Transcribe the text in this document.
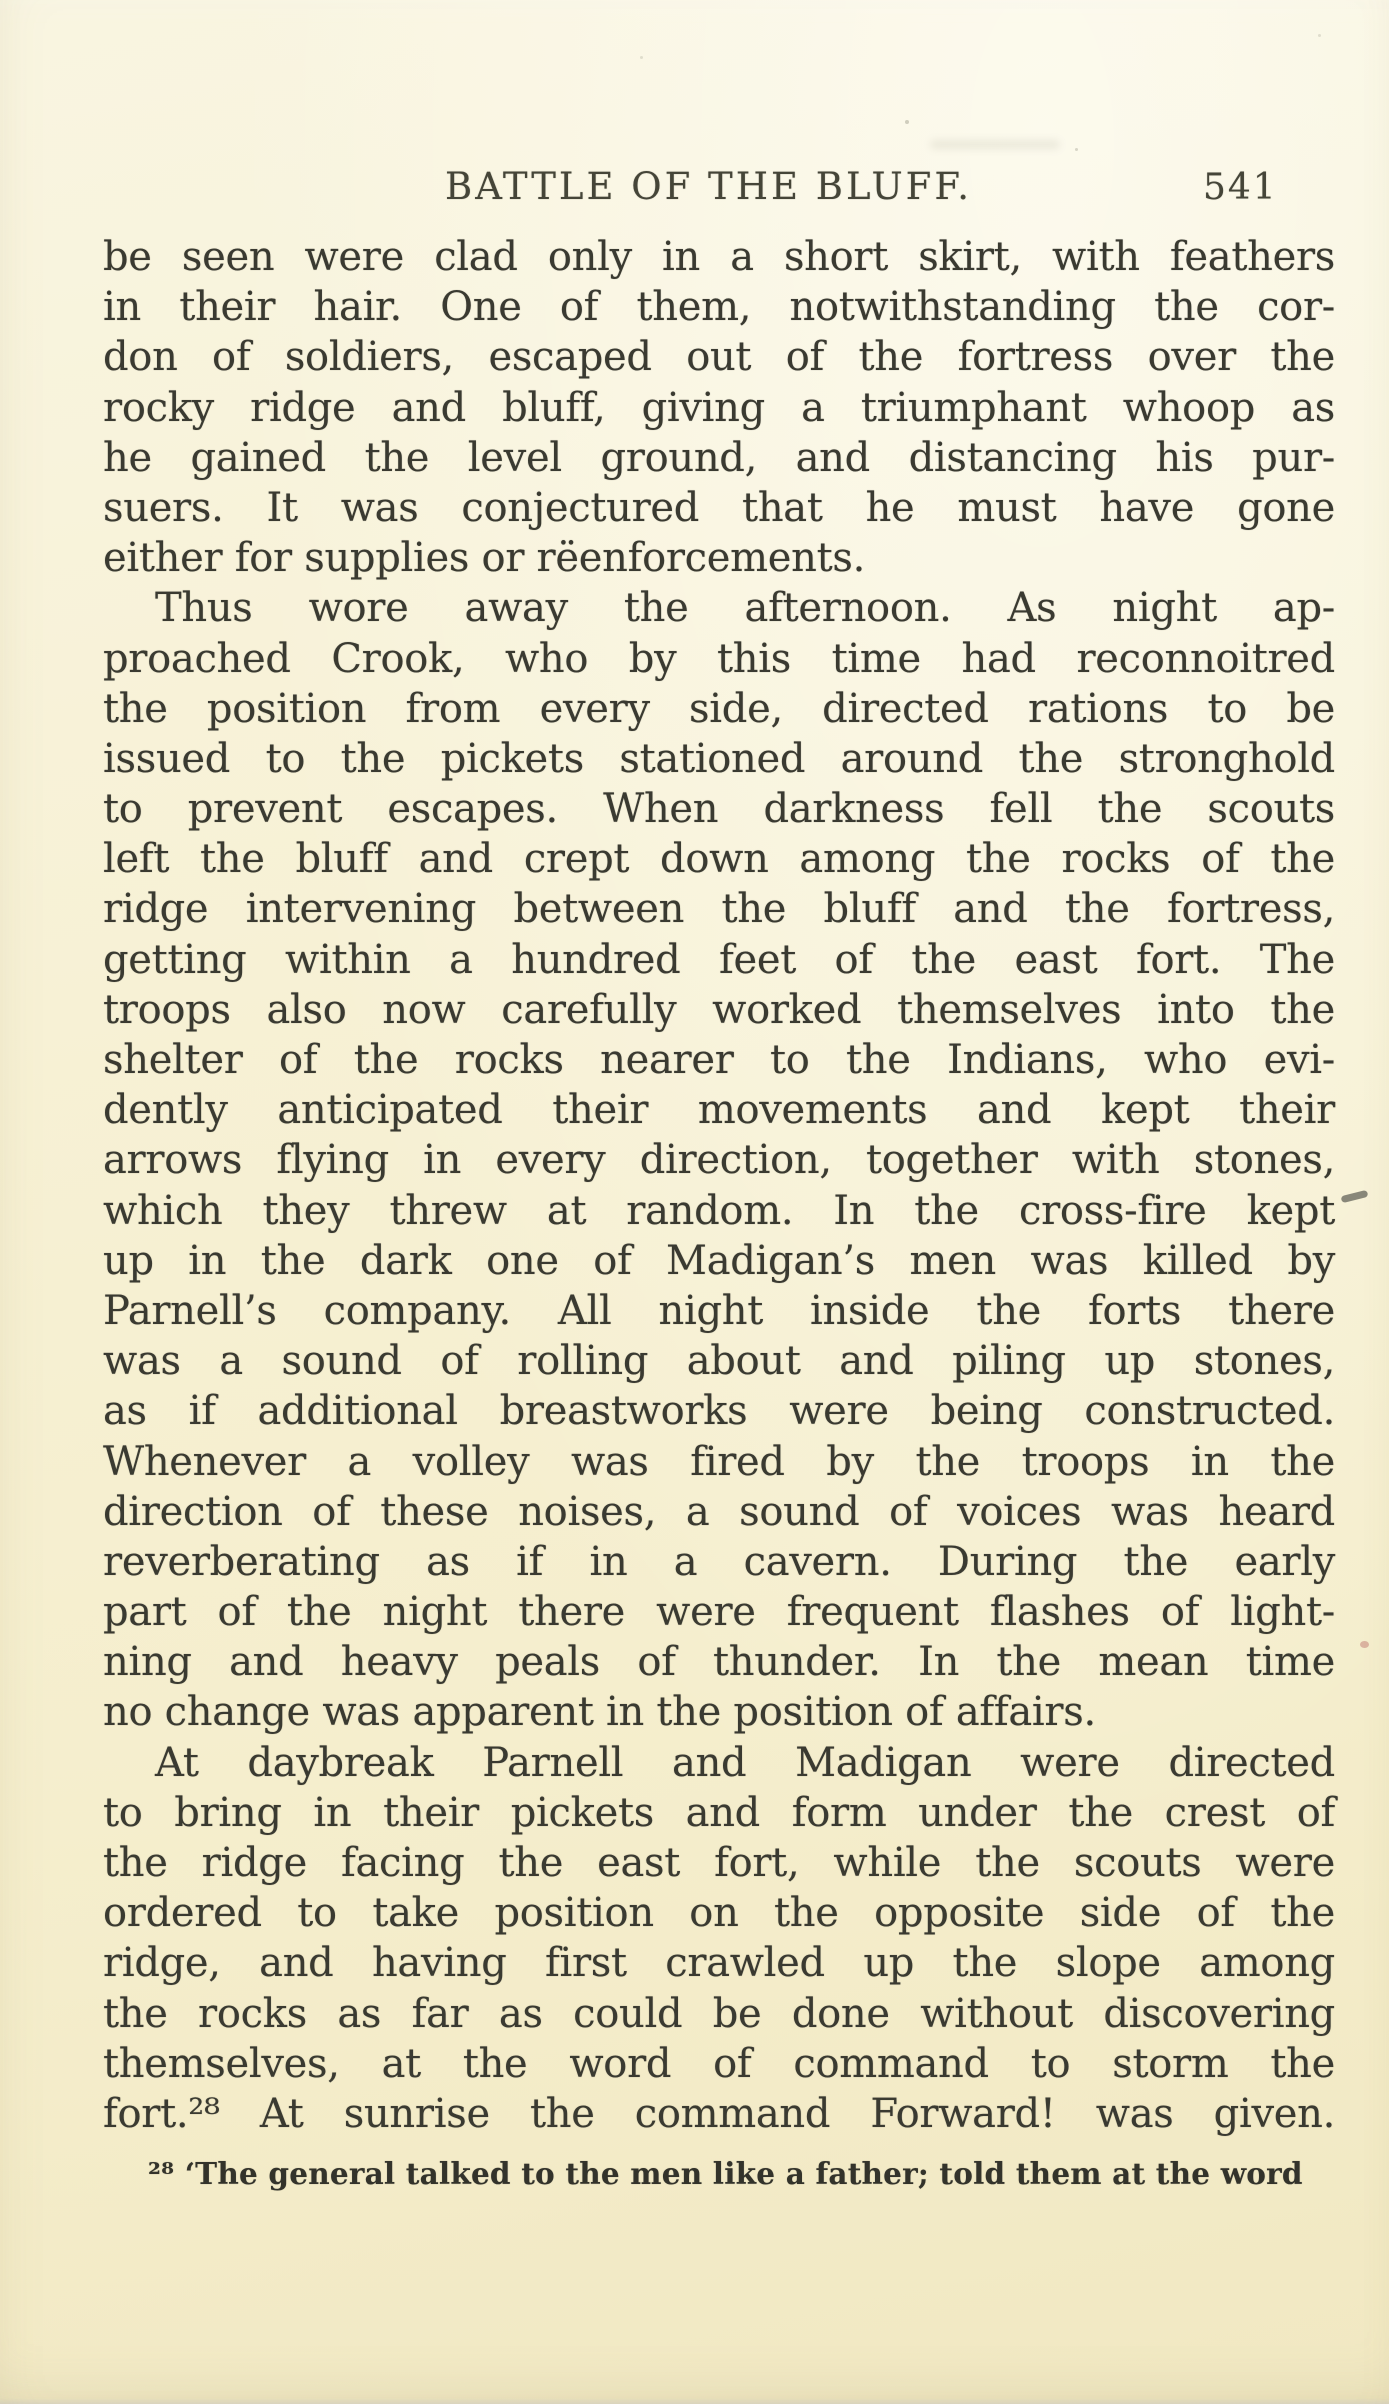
BATTLE OF THE BLUFF.	541
be seen were clad only in a short skirt, with feathers
in their hair. One of them, notwithstanding the cor-
don of soldiers, escaped out of the fortress over the
rocky ridge and bluff, giving a triumphant whoop as
he gained the level ground, and distancing his pur-
suers. It was conjectured that he must have gone
either for supplies or rëenforcements.
Thus wore away the afternoon. As night ap-
proached Crook, who by this time had reconnoitred
the position from every side, directed rations to be
issued to the pickets stationed around the stronghold
to prevent escapes. When darkness fell the scouts
left the bluff and crept down among the rocks of the
ridge intervening between the bluff and the fortress,
getting within a hundred feet of the east fort. The
troops also now carefully worked themselves into the
shelter of the rocks nearer to the Indians, who evi-
dently anticipated their movements and kept their
arrows flying in every direction, together with stones,
which they threw at random. In the cross-fire kept
up in the dark one of Madigan’s men was killed by
Parnell’s company. All night inside the forts there
was a sound of rolling about and piling up stones,
as if additional breastworks were being constructed.
Whenever a volley was fired by the troops in the
direction of these noises, a sound of voices was heard
reverberating as if in a cavern. During the early
part of the night there were frequent flashes of light-
ning and heavy peals of thunder. In the mean time
no change was apparent in the position of affairs.
At daybreak Parnell and Madigan were directed
to bring in their pickets and form under the crest of
the ridge facing the east fort, while the scouts were
ordered to take position on the opposite side of the
ridge, and having first crawled up the slope among
the rocks as far as could be done without discovering
themselves, at the word of command to storm the
fort.²⁸ At sunrise the command Forward! was given.
²⁸ ‘The general talked to the men like a father; told them at the word
